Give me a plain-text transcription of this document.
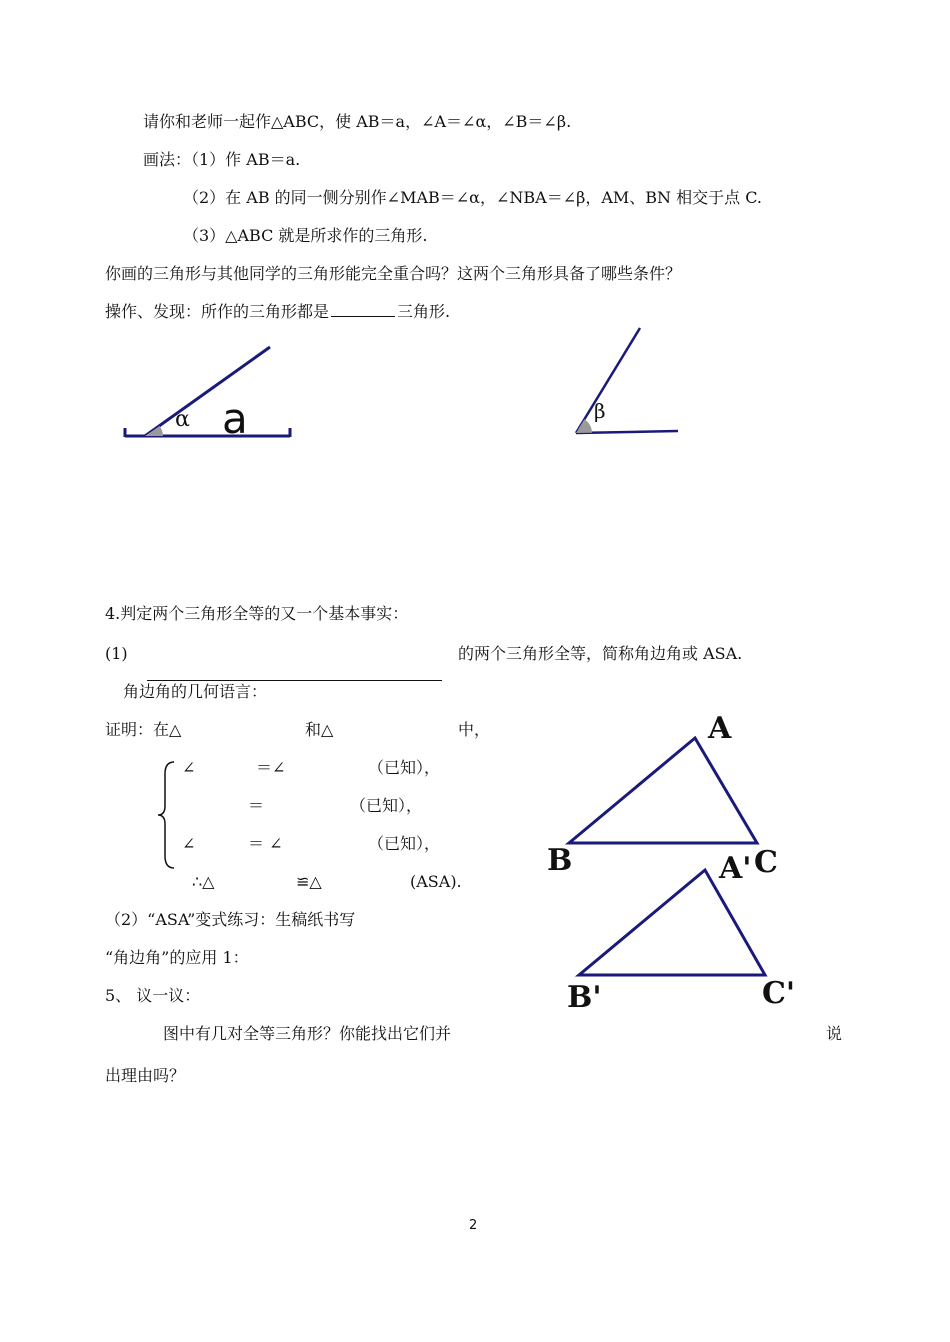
请你和老师一起作△ABC，使 AB＝a，∠A＝∠α，∠B＝∠β.
画法：（1）作 AB＝a.
（2）在 AB 的同一侧分别作∠MAB＝∠α，∠NBA＝∠β，AM、BN 相交于点 C.
（3）△ABC 就是所求作的三角形.
你画的三角形与其他同学的三角形能完全重合吗？这两个三角形具备了哪些条件？
操作、发现：所作的三角形都是	三角形.
α a	β
4.判定两个三角形全等的又一个基本事实：
(1)	的两个三角形全等，简称角边角或 ASA.
角边角的几何语言：
证明：在△	和△	中，
∠	＝∠	（已知），
＝	（已知），
∠	＝ ∠	（已知），
∴△	≌△	(ASA).
（2）“ASA”变式练习：生稿纸书写
“角边角”的应用 1：
5、 议一议：
图中有几对全等三角形？你能找出它们并	说
出理由吗？
A
B	C
A'
B'	C'
2
